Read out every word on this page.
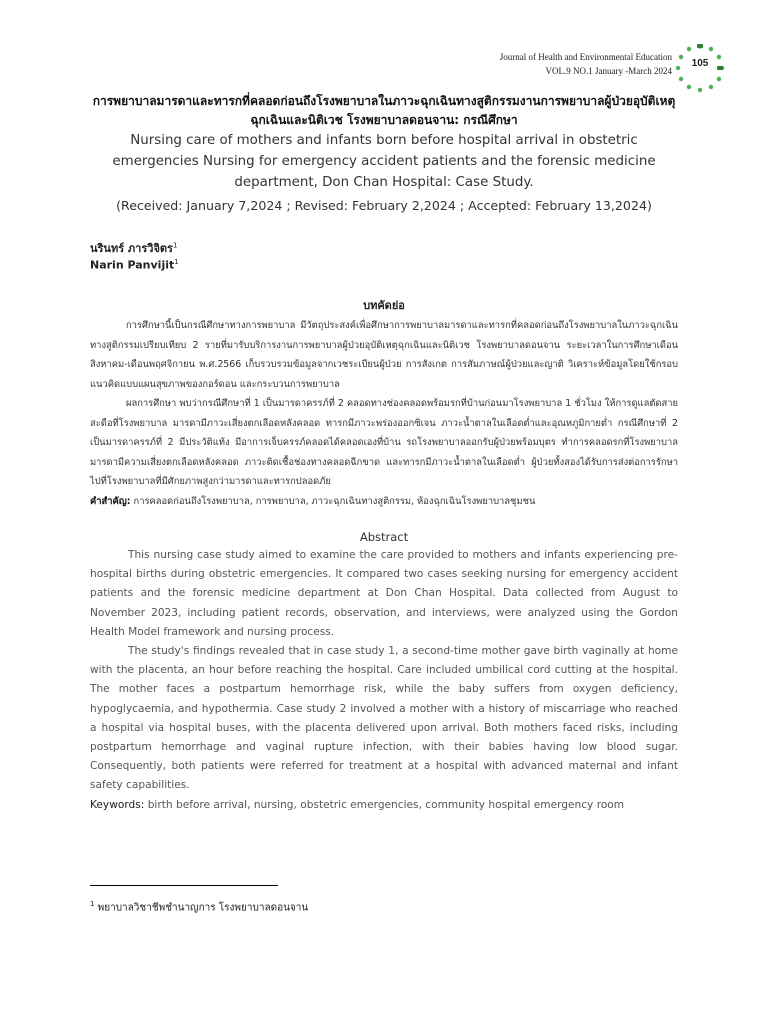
Journal of Health and Environmental Education
VOL.9 NO.1 January -March 2024
105
การพยาบาลมารดาและทารกที่คลอดก่อนถึงโรงพยาบาลในภาวะฉุกเฉินทางสูติกรรมงานการพยาบาลผู้ป่วยอุบัติเหตุฉุกเฉินและนิติเวช โรงพยาบาลดอนจาน: กรณีศึกษา
Nursing care of mothers and infants born before hospital arrival in obstetric emergencies Nursing for emergency accident patients and the forensic medicine department, Don Chan Hospital: Case Study.
(Received: January 7,2024 ; Revised: February 2,2024 ; Accepted: February 13,2024)
นรินทร์ ภารวิจิตร$^1$
Narin Panvijit$^1$
บทคัดย่อ

การศึกษานี้เป็นกรณีศึกษาทางการพยาบาล มีวัตถุประสงค์เพื่อศึกษาการพยาบาลมารดาและทารกที่คลอดก่อนถึงโรงพยาบาลในภาวะฉุกเฉินทางสูติกรรมเปรียบเทียบ 2 รายที่มารับบริการงานการพยาบาลผู้ป่วยอุบัติเหตุฉุกเฉินและนิติเวช โรงพยาบาลดอนจาน ระยะเวลาในการศึกษาเดือนสิงหาคม-เดือนพฤศจิกายน พ.ศ.2566 เก็บรวบรวมข้อมูลจากเวชระเบียนผู้ป่วย การสังเกต การสัมภาษณ์ผู้ป่วยและญาติ วิเคราะห์ข้อมูลโดยใช้กรอบแนวคิดแบบแผนสุขภาพของกอร์ดอน และกระบวนการพยาบาล

ผลการศึกษา พบว่ากรณีศึกษาที่ 1 เป็นมารดาครรภ์ที่ 2 คลอดทางช่องคลอดพร้อมรกที่บ้านก่อนมาโรงพยาบาล 1 ชั่วโมง ให้การดูแลตัดสายสะดือที่โรงพยาบาล มารดามีภาวะเสี่ยงตกเลือดหลังคลอด ทารกมีภาวะพร่องออกซิเจน ภาวะน้ำตาลในเลือดต่ำและอุณหภูมิกายต่ำ กรณีศึกษาที่ 2 เป็นมารดาครรภ์ที่ 2 มีประวัติแท้ง มีอาการเจ็บครรภ์คลอดได้คลอดเองที่บ้าน รถโรงพยาบาลออกรับผู้ป่วยพร้อมบุตร ทำการคลอดรกที่โรงพยาบาล มารดามีความเสี่ยงตกเลือดหลังคลอด ภาวะติดเชื้อช่องทางคลอดฉีกขาด และทารกมีภาวะน้ำตาลในเลือดต่ำ ผู้ป่วยทั้งสองได้รับการส่งต่อการรักษาไปที่โรงพยาบาลที่มีศักยภาพสูงกว่ามารดาและทารกปลอดภัย

คำสำคัญ: การคลอดก่อนถึงโรงพยาบาล, การพยาบาล, ภาวะฉุกเฉินทางสูติกรรม, ห้องฉุกเฉินโรงพยาบาลชุมชน
Abstract

This nursing case study aimed to examine the care provided to mothers and infants experiencing pre-hospital births during obstetric emergencies. It compared two cases seeking nursing for emergency accident patients and the forensic medicine department at Don Chan Hospital. Data collected from August to November 2023, including patient records, observation, and interviews, were analyzed using the Gordon Health Model framework and nursing process.

The study's findings revealed that in case study 1, a second-time mother gave birth vaginally at home with the placenta, an hour before reaching the hospital. Care included umbilical cord cutting at the hospital. The mother faces a postpartum hemorrhage risk, while the baby suffers from oxygen deficiency, hypoglycaemia, and hypothermia. Case study 2 involved a mother with a history of miscarriage who reached a hospital via hospital buses, with the placenta delivered upon arrival. Both mothers faced risks, including postpartum hemorrhage and vaginal rupture infection, with their babies having low blood sugar. Consequently, both patients were referred for treatment at a hospital with advanced maternal and infant safety capabilities.

Keywords: birth before arrival, nursing, obstetric emergencies, community hospital emergency room
$^1$ พยาบาลวิชาชีพชำนาญการ โรงพยาบาลดอนจาน
